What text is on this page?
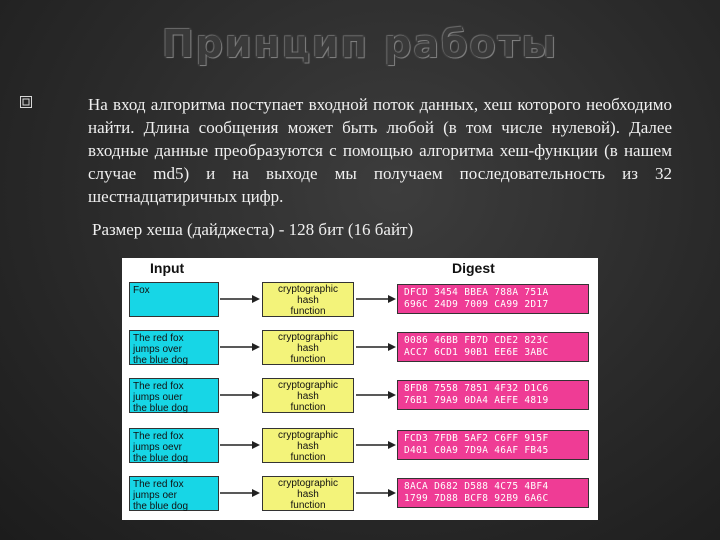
Принцип работы
На вход алгоритма поступает входной поток данных, хеш которого необходимо найти. Длина сообщения может быть любой (в том числе нулевой). Далее входные данные преобразуются с помощью алгоритма хеш-функции (в нашем случае md5) и на выходе мы получаем последовательность из 32 шестнадцатиричных цифр.
Размер хеша (дайджеста) - 128 бит (16 байт)
Input	Digest
Fox	cryptographic
hash
function
DFCD 3454 BBEA 788A 751A
696C 24D9 7009 CA99 2D17
The red fox
jumps over
the blue dog
cryptographic
hash
function
0086 46BB FB7D CDE2 823C
ACC7 6CD1 90B1 EE6E 3ABC
The red fox
jumps ouer
the blue dog
cryptographic
hash
function
8FD8 7558 7851 4F32 D1C6
76B1 79A9 0DA4 AEFE 4819
The red fox
jumps oevr
the blue dog
cryptographic
hash
function
FCD3 7FDB 5AF2 C6FF 915F
D401 C0A9 7D9A 46AF FB45
The red fox
jumps oer
the blue dog
cryptographic
hash
function
8ACA D682 D588 4C75 4BF4
1799 7D88 BCF8 92B9 6A6C
